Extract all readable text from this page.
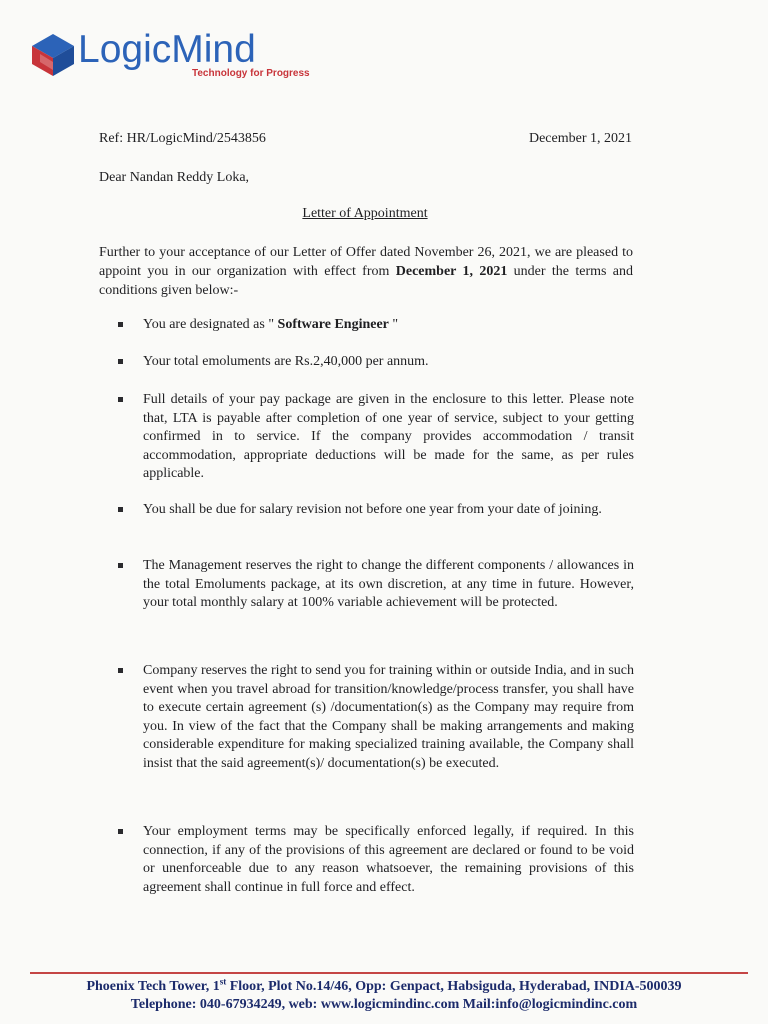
LogicMind
Technology for Progress
Ref: HR/LogicMind/2543856	December 1, 2021
Dear Nandan Reddy Loka,
Letter of Appointment
Further to your acceptance of our Letter of Offer dated November 26, 2021, we are pleased to appoint you in our organization with effect from December 1, 2021 under the terms and conditions given below:-
You are designated as " Software Engineer "
Your total emoluments are Rs.2,40,000 per annum.
Full details of your pay package are given in the enclosure to this letter. Please note that, LTA is payable after completion of one year of service, subject to your getting confirmed in to service. If the company provides accommodation / transit accommodation, appropriate deductions will be made for the same, as per rules applicable.
You shall be due for salary revision not before one year from your date of joining.
The Management reserves the right to change the different components / allowances in the total Emoluments package, at its own discretion, at any time in future. However, your total monthly salary at 100% variable achievement will be protected.
Company reserves the right to send you for training within or outside India, and in such event when you travel abroad for transition/knowledge/process transfer, you shall have to execute certain agreement (s) /documentation(s) as the Company may require from you. In view of the fact that the Company shall be making arrangements and making considerable expenditure for making specialized training available, the Company shall insist that the said agreement(s)/ documentation(s) be executed.
Your employment terms may be specifically enforced legally, if required. In this connection, if any of the provisions of this agreement are declared or found to be void or unenforceable due to any reason whatsoever, the remaining provisions of this agreement shall continue in full force and effect.
Phoenix Tech Tower, 1st Floor, Plot No.14/46, Opp: Genpact, Habsiguda, Hyderabad, INDIA-500039
Telephone: 040-67934249, web: www.logicmindinc.com Mail:info@logicmindinc.com
